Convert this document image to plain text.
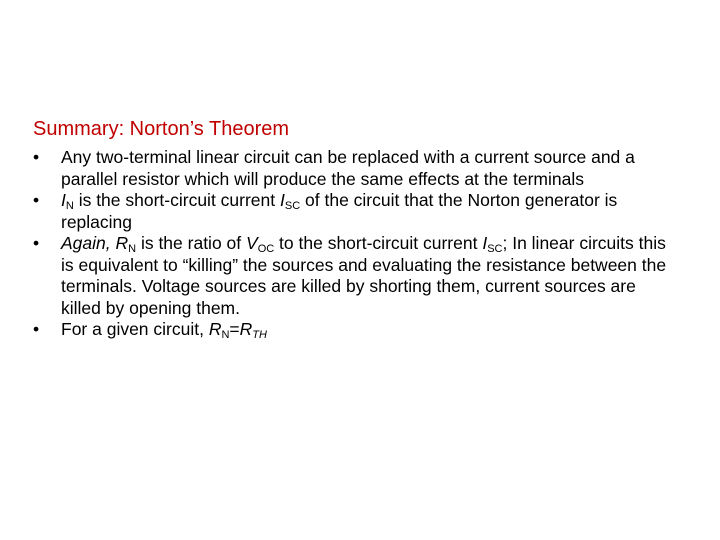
Summary: Norton’s Theorem
•	Any two-terminal linear circuit can be replaced with a current source and a parallel resistor which will produce the same effects at the terminals
•	$I_N$ is the short-circuit current $I_{SC}$ of the circuit that the Norton generator is replacing
•	Again, $R_N$ is the ratio of $V_{OC}$ to the short-circuit current $I_{SC}$; In linear circuits this is equivalent to “killing” the sources and evaluating the resistance between the terminals. Voltage sources are killed by shorting them, current sources are killed by opening them.
•	For a given circuit, $R_N=R_{TH}$
